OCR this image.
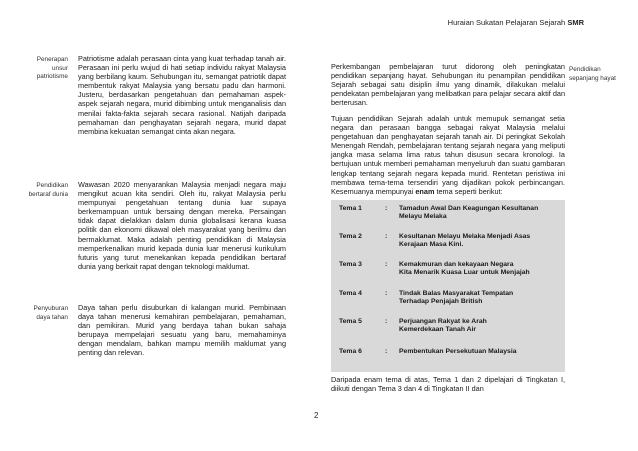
Huraian Sukatan Pelajaran Sejarah SMR
Penerapan unsur patriotisme
Patriotisme adalah perasaan cinta yang kuat terhadap tanah air. Perasaan ini perlu wujud di hati setiap individu rakyat Malaysia yang berbilang kaum. Sehubungan itu, semangat patriotik dapat membentuk rakyat Malaysia yang bersatu padu dan harmoni. Justeru, berdasarkan pengetahuan dan pemahaman aspek-aspek sejarah negara, murid dibimbing untuk menganalisis dan menilai fakta-fakta sejarah secara rasional. Natijah daripada pemahaman dan penghayatan sejarah negara, murid dapat membina kekuatan semangat cinta akan negara.
Pendidikan bertaraf dunia
Wawasan 2020 menyarankan Malaysia menjadi negara maju mengikut acuan kita sendiri. Oleh itu, rakyat Malaysia perlu mempunyai pengetahuan tentang dunia luar supaya berkemampuan untuk bersaing dengan mereka. Persaingan tidak dapat dielakkan dalam dunia globalisasi kerana kuasa politik dan ekonomi dikawal oleh masyarakat yang berilmu dan bermaklumat. Maka adalah penting pendidikan di Malaysia memperkenalkan murid kepada dunia luar menerusi kurikulum futuris yang turut menekankan kepada pendidikan bertaraf dunia yang berkait rapat dengan teknologi maklumat.
Penyuburan daya tahan
Daya tahan perlu disuburkan di kalangan murid. Pembinaan daya tahan menerusi kemahiran pembelajaran, pemahaman, dan pemikiran. Murid yang berdaya tahan bukan sahaja berupaya mempelajari sesuatu yang baru, memahaminya dengan mendalam, bahkan mampu memilih maklumat yang penting dan relevan.
Perkembangan pembelajaran turut didorong oleh peningkatan pendidikan sepanjang hayat. Sehubungan itu penampilan pendidikan Sejarah sebagai satu disiplin ilmu yang dinamik, dilakukan melalui pendekatan pembelajaran yang melibatkan para pelajar secara aktif dan berterusan.
Pendidikan sepanjang hayat
Tujuan pendidikan Sejarah adalah untuk memupuk semangat setia negara dan perasaan bangga sebagai rakyat Malaysia melalui pengetahuan dan penghayatan sejarah tanah air. Di peringkat Sekolah Menengah Rendah, pembelajaran tentang sejarah negara yang meliputi jangka masa selama lima ratus tahun disusun secara kronologi. Ia bertujuan untuk memberi pemahaman menyeluruh dan suatu gambaran lengkap tentang sejarah negara kepada murid. Rentetan peristiwa ini membawa tema-tema tersendiri yang dijadikan pokok perbincangan. Kesemuanya mempunyai enam tema seperti berikut:
Tema 1	: Tamadun Awal Dan Keagungan Kesultanan
Melayu Melaka
Tema 2	: Kesultanan Melayu Melaka Menjadi Asas
Kerajaan Masa Kini.
Tema 3	: Kemakmuran dan kekayaan Negara
Kita Menarik Kuasa Luar untuk Menjajah
Tema 4	: Tindak Balas Masyarakat Tempatan
Terhadap Penjajah British
Tema 5	: Perjuangan Rakyat ke Arah
Kemerdekaan Tanah Air
Tema 6	: Pembentukan Persekutuan Malaysia
Daripada enam tema di atas, Tema 1 dan 2 dipelajari di Tingkatan I, diikuti dengan Tema 3 dan 4 di Tingkatan II dan
2
